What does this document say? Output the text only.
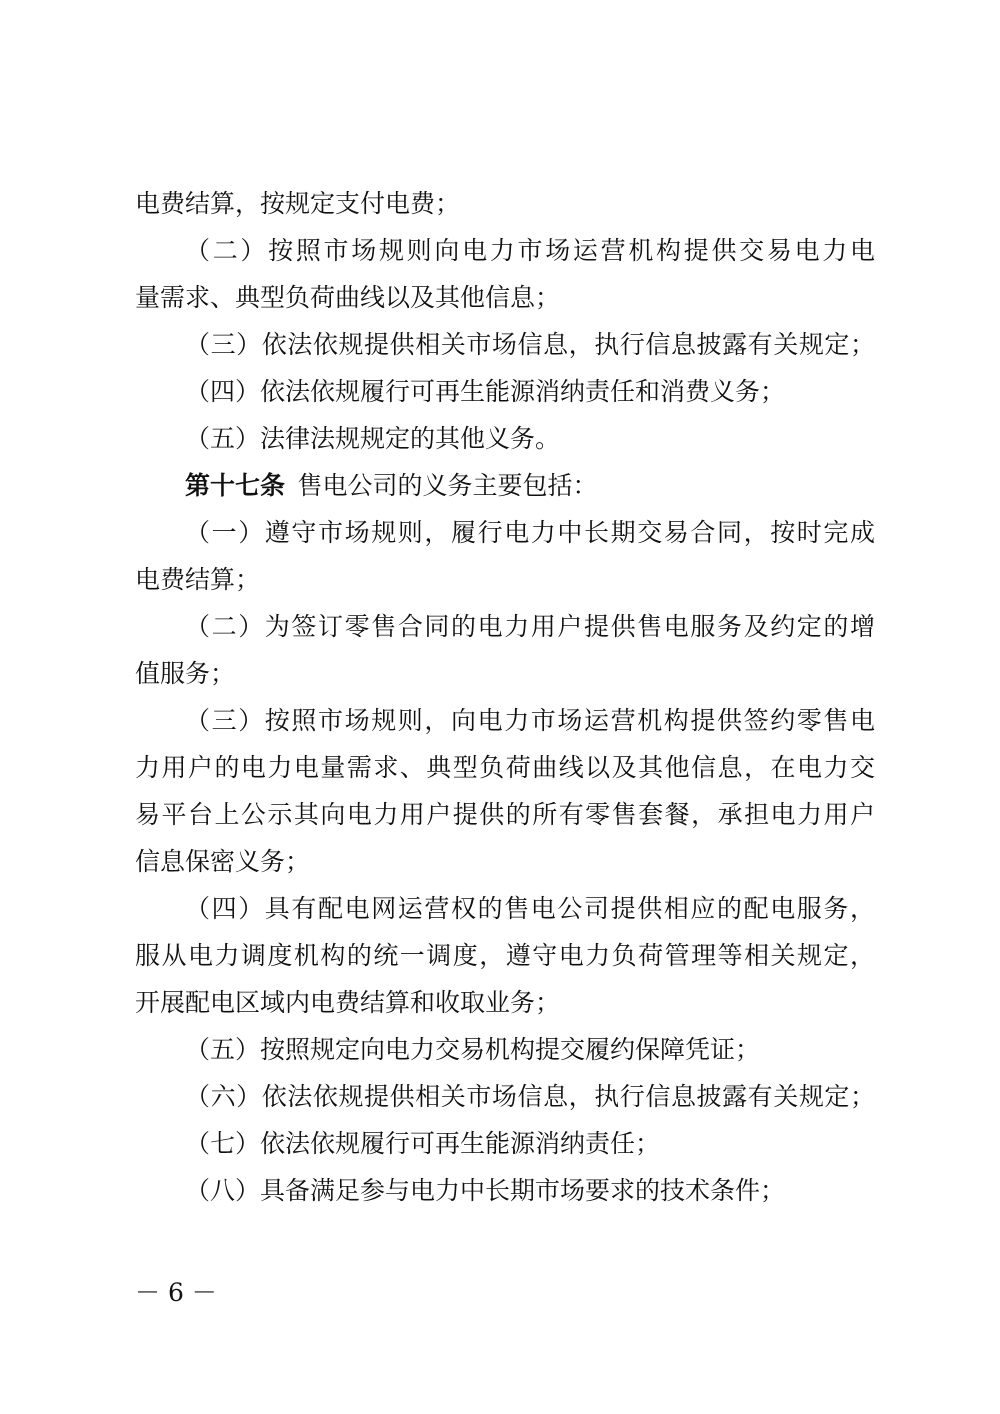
电费结算，按规定支付电费；
（二）按照市场规则向电力市场运营机构提供交易电力电
量需求、典型负荷曲线以及其他信息；
（三）依法依规提供相关市场信息，执行信息披露有关规定；
（四）依法依规履行可再生能源消纳责任和消费义务；
（五）法律法规规定的其他义务。
第十七条  售电公司的义务主要包括：
（一）遵守市场规则，履行电力中长期交易合同，按时完成
电费结算；
（二）为签订零售合同的电力用户提供售电服务及约定的增
值服务；
（三）按照市场规则，向电力市场运营机构提供签约零售电
力用户的电力电量需求、典型负荷曲线以及其他信息，在电力交
易平台上公示其向电力用户提供的所有零售套餐，承担电力用户
信息保密义务；
（四）具有配电网运营权的售电公司提供相应的配电服务，
服从电力调度机构的统一调度，遵守电力负荷管理等相关规定，
开展配电区域内电费结算和收取业务；
（五）按照规定向电力交易机构提交履约保障凭证；
（六）依法依规提供相关市场信息，执行信息披露有关规定；
（七）依法依规履行可再生能源消纳责任；
（八）具备满足参与电力中长期市场要求的技术条件；
－ 6 －
